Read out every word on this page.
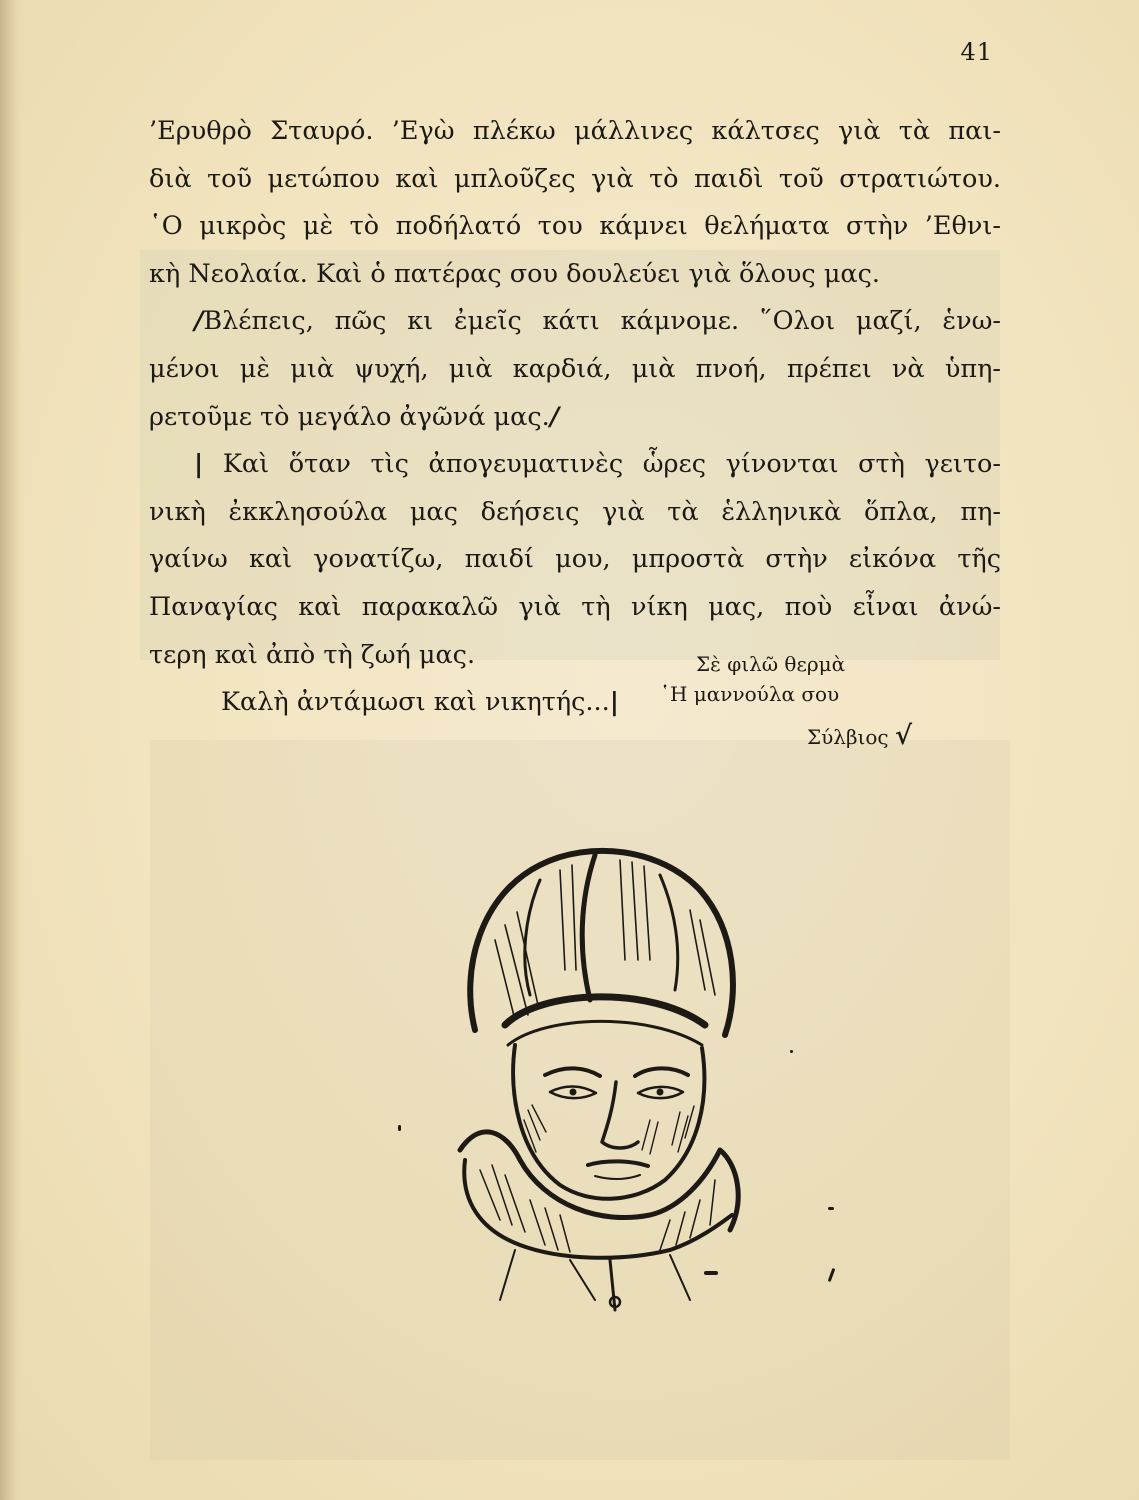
41
’Ερυθρὸ Σταυρό. ’Εγὼ πλέκω μάλλινες κάλτσες γιὰ τὰ παι-
διὰ τοῦ μετώπου καὶ μπλοῦζες γιὰ τὸ παιδὶ τοῦ στρατιώτου.
῾Ο μικρὸς μὲ τὸ ποδήλατό του κάμνει θελήματα στὴν ’Εθνι-
κὴ Νεολαία. Καὶ ὁ πατέρας σου δουλεύει γιὰ ὅλους μας.
/Βλέπεις, πῶς κι ἐμεῖς κάτι κάμνομε. ῞Ολοι μαζί, ἑνω-
μένοι μὲ μιὰ ψυχή, μιὰ καρδιά, μιὰ πνοή, πρέπει νὰ ὑπη-
ρετοῦμε τὸ μεγάλο ἀγῶνά μας./
| Καὶ ὅταν τὶς ἀπογευματινὲς ὧρες γίνονται στὴ γειτο-
νικὴ ἐκκλησούλα μας δεήσεις γιὰ τὰ ἑλληνικὰ ὅπλα, πη-
γαίνω καὶ γονατίζω, παιδί μου, μπροστὰ στὴν εἰκόνα τῆς
Παναγίας καὶ παρακαλῶ γιὰ τὴ νίκη μας, ποὺ εἶναι ἀνώ-
τερη καὶ ἀπὸ τὴ ζωή μας.
Καλὴ ἀντάμωσι καὶ νικητής...|
Σὲ φιλῶ θερμὰ
῾Η μαννούλα σου
Σύλβιος √
